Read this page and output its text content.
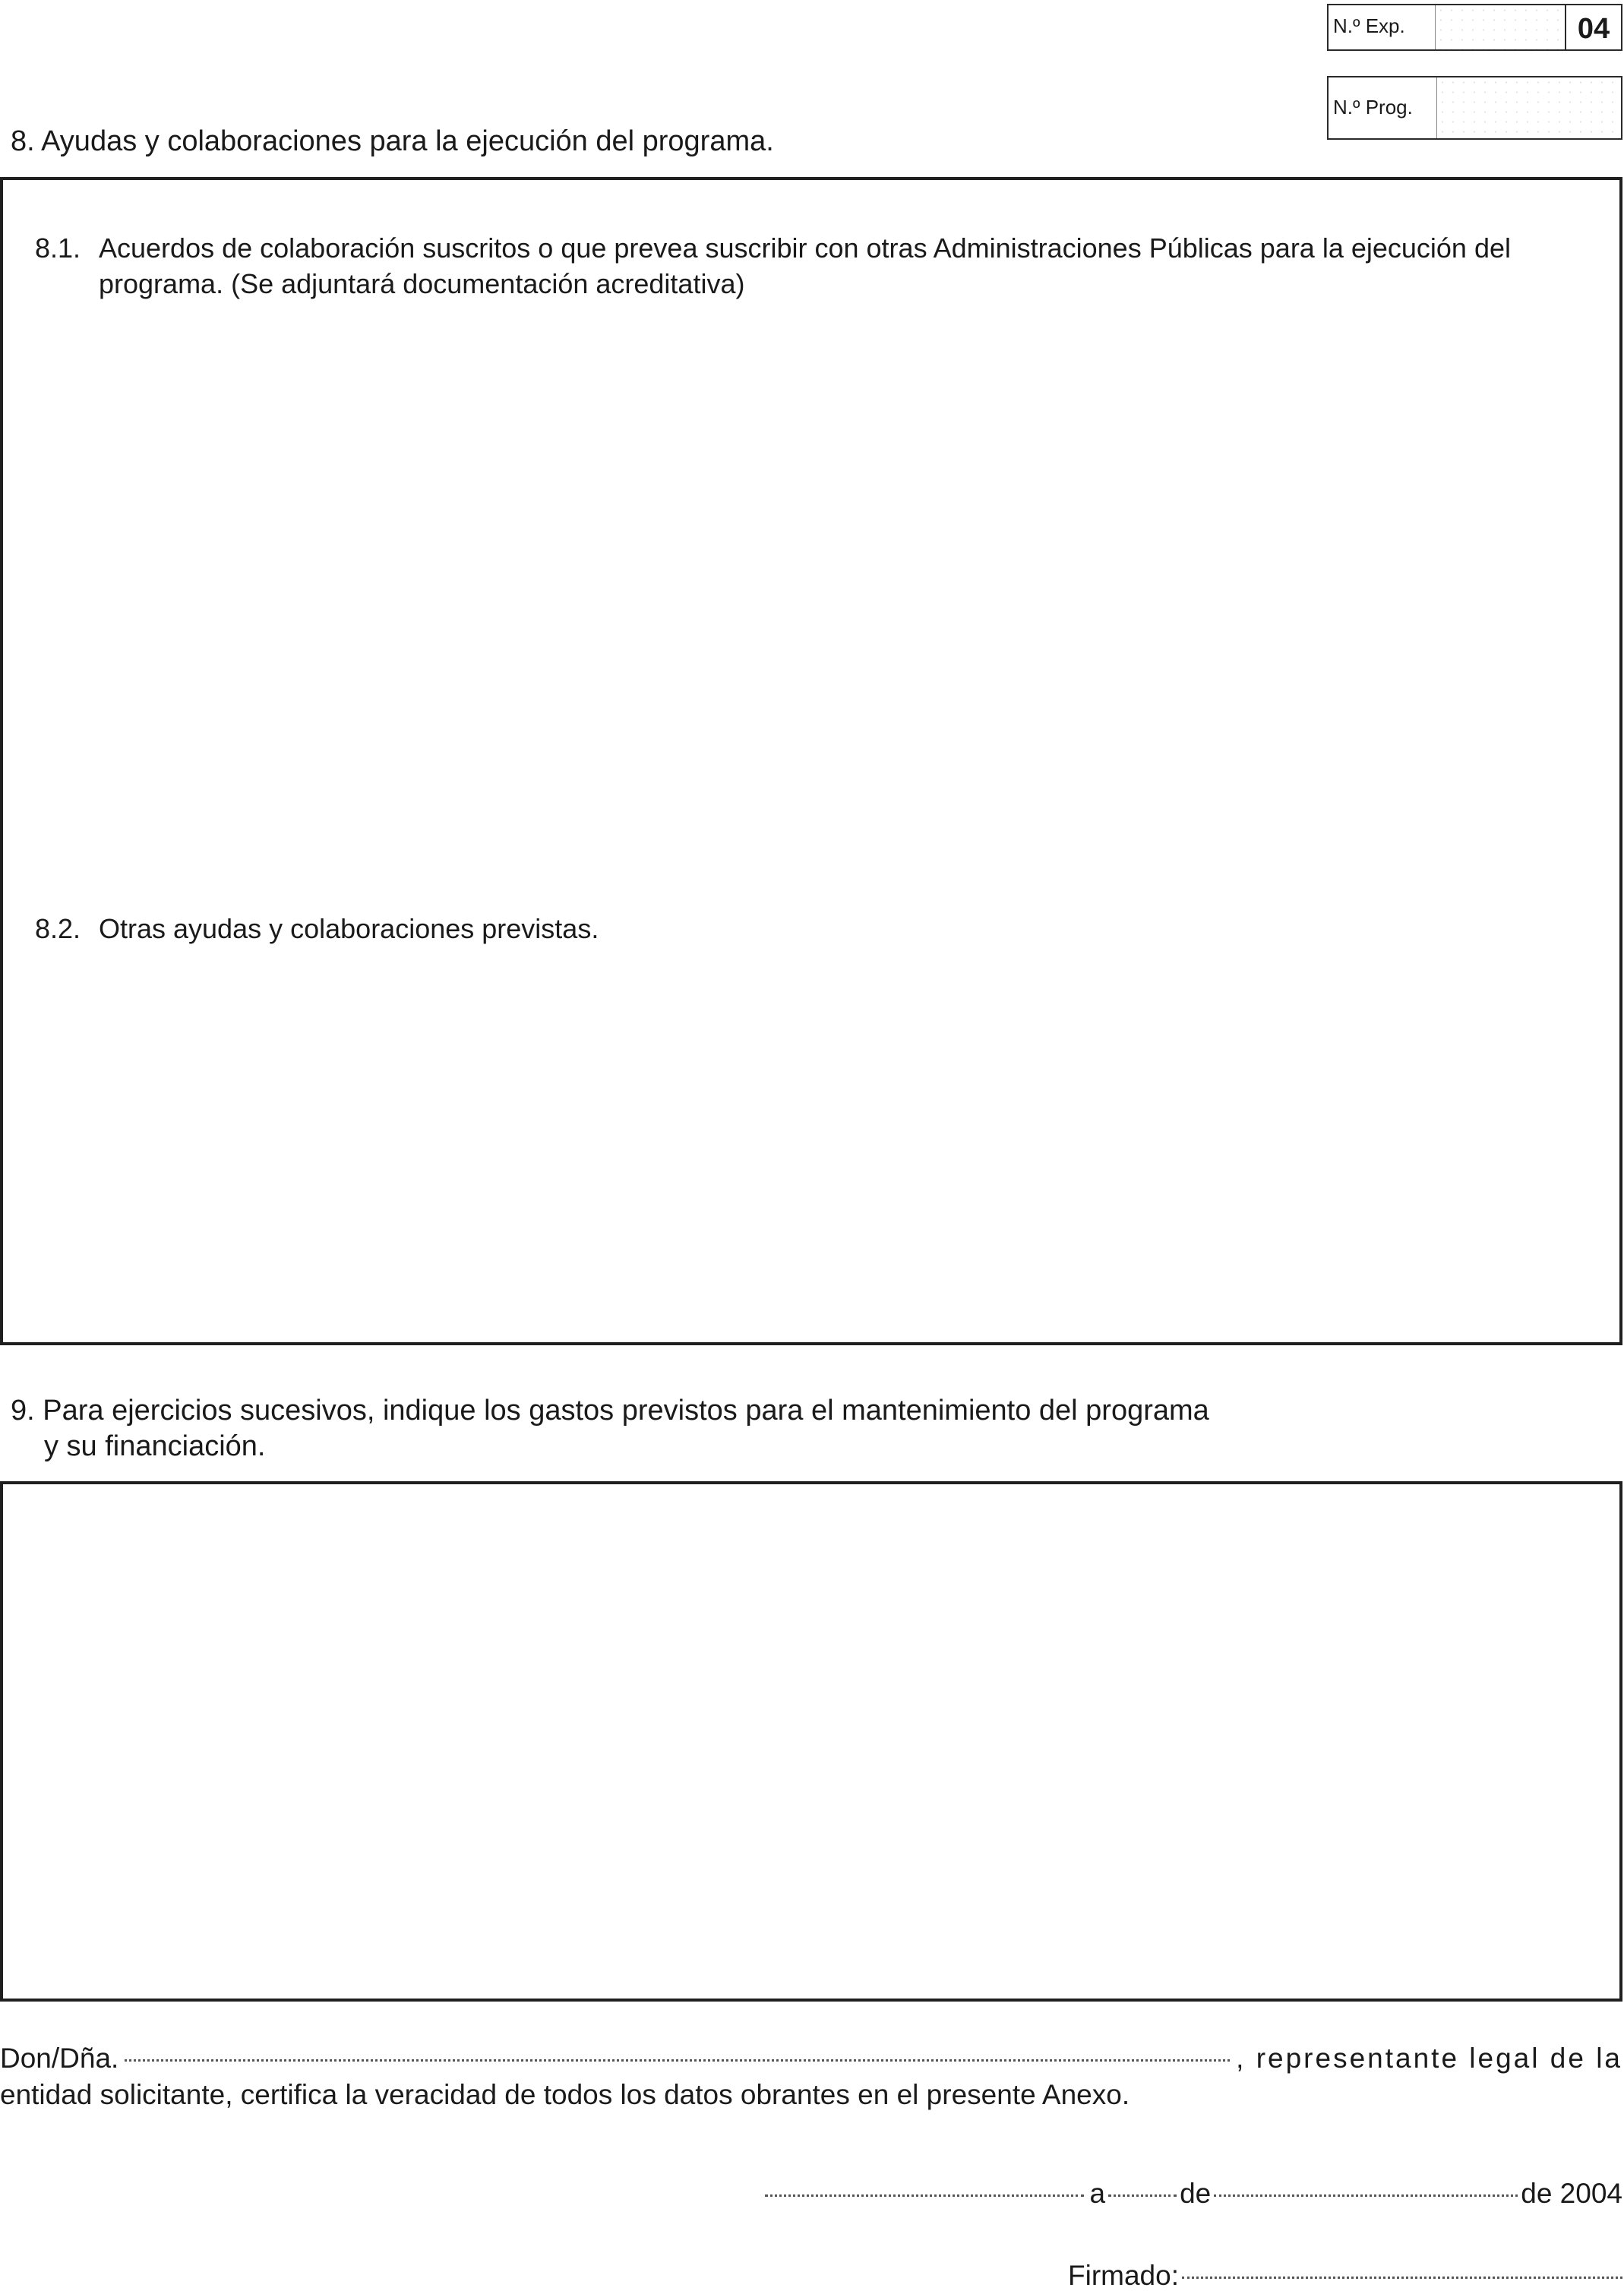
N.º Exp.	04
N.º Prog.
8. Ayudas y colaboraciones para la ejecución del programa.
8.1. Acuerdos de colaboración suscritos o que prevea suscribir con otras Administraciones Públicas para la ejecución del programa. (Se adjuntará documentación acreditativa)
8.2. Otras ayudas y colaboraciones previstas.
9. Para ejercicios sucesivos, indique los gastos previstos para el mantenimiento del programa
y su financiación.
Don/Dña.	, representante legal de la
entidad solicitante, certifica la veracidad de todos los datos obrantes en el presente Anexo.
a	de	de 2004
Firmado:
